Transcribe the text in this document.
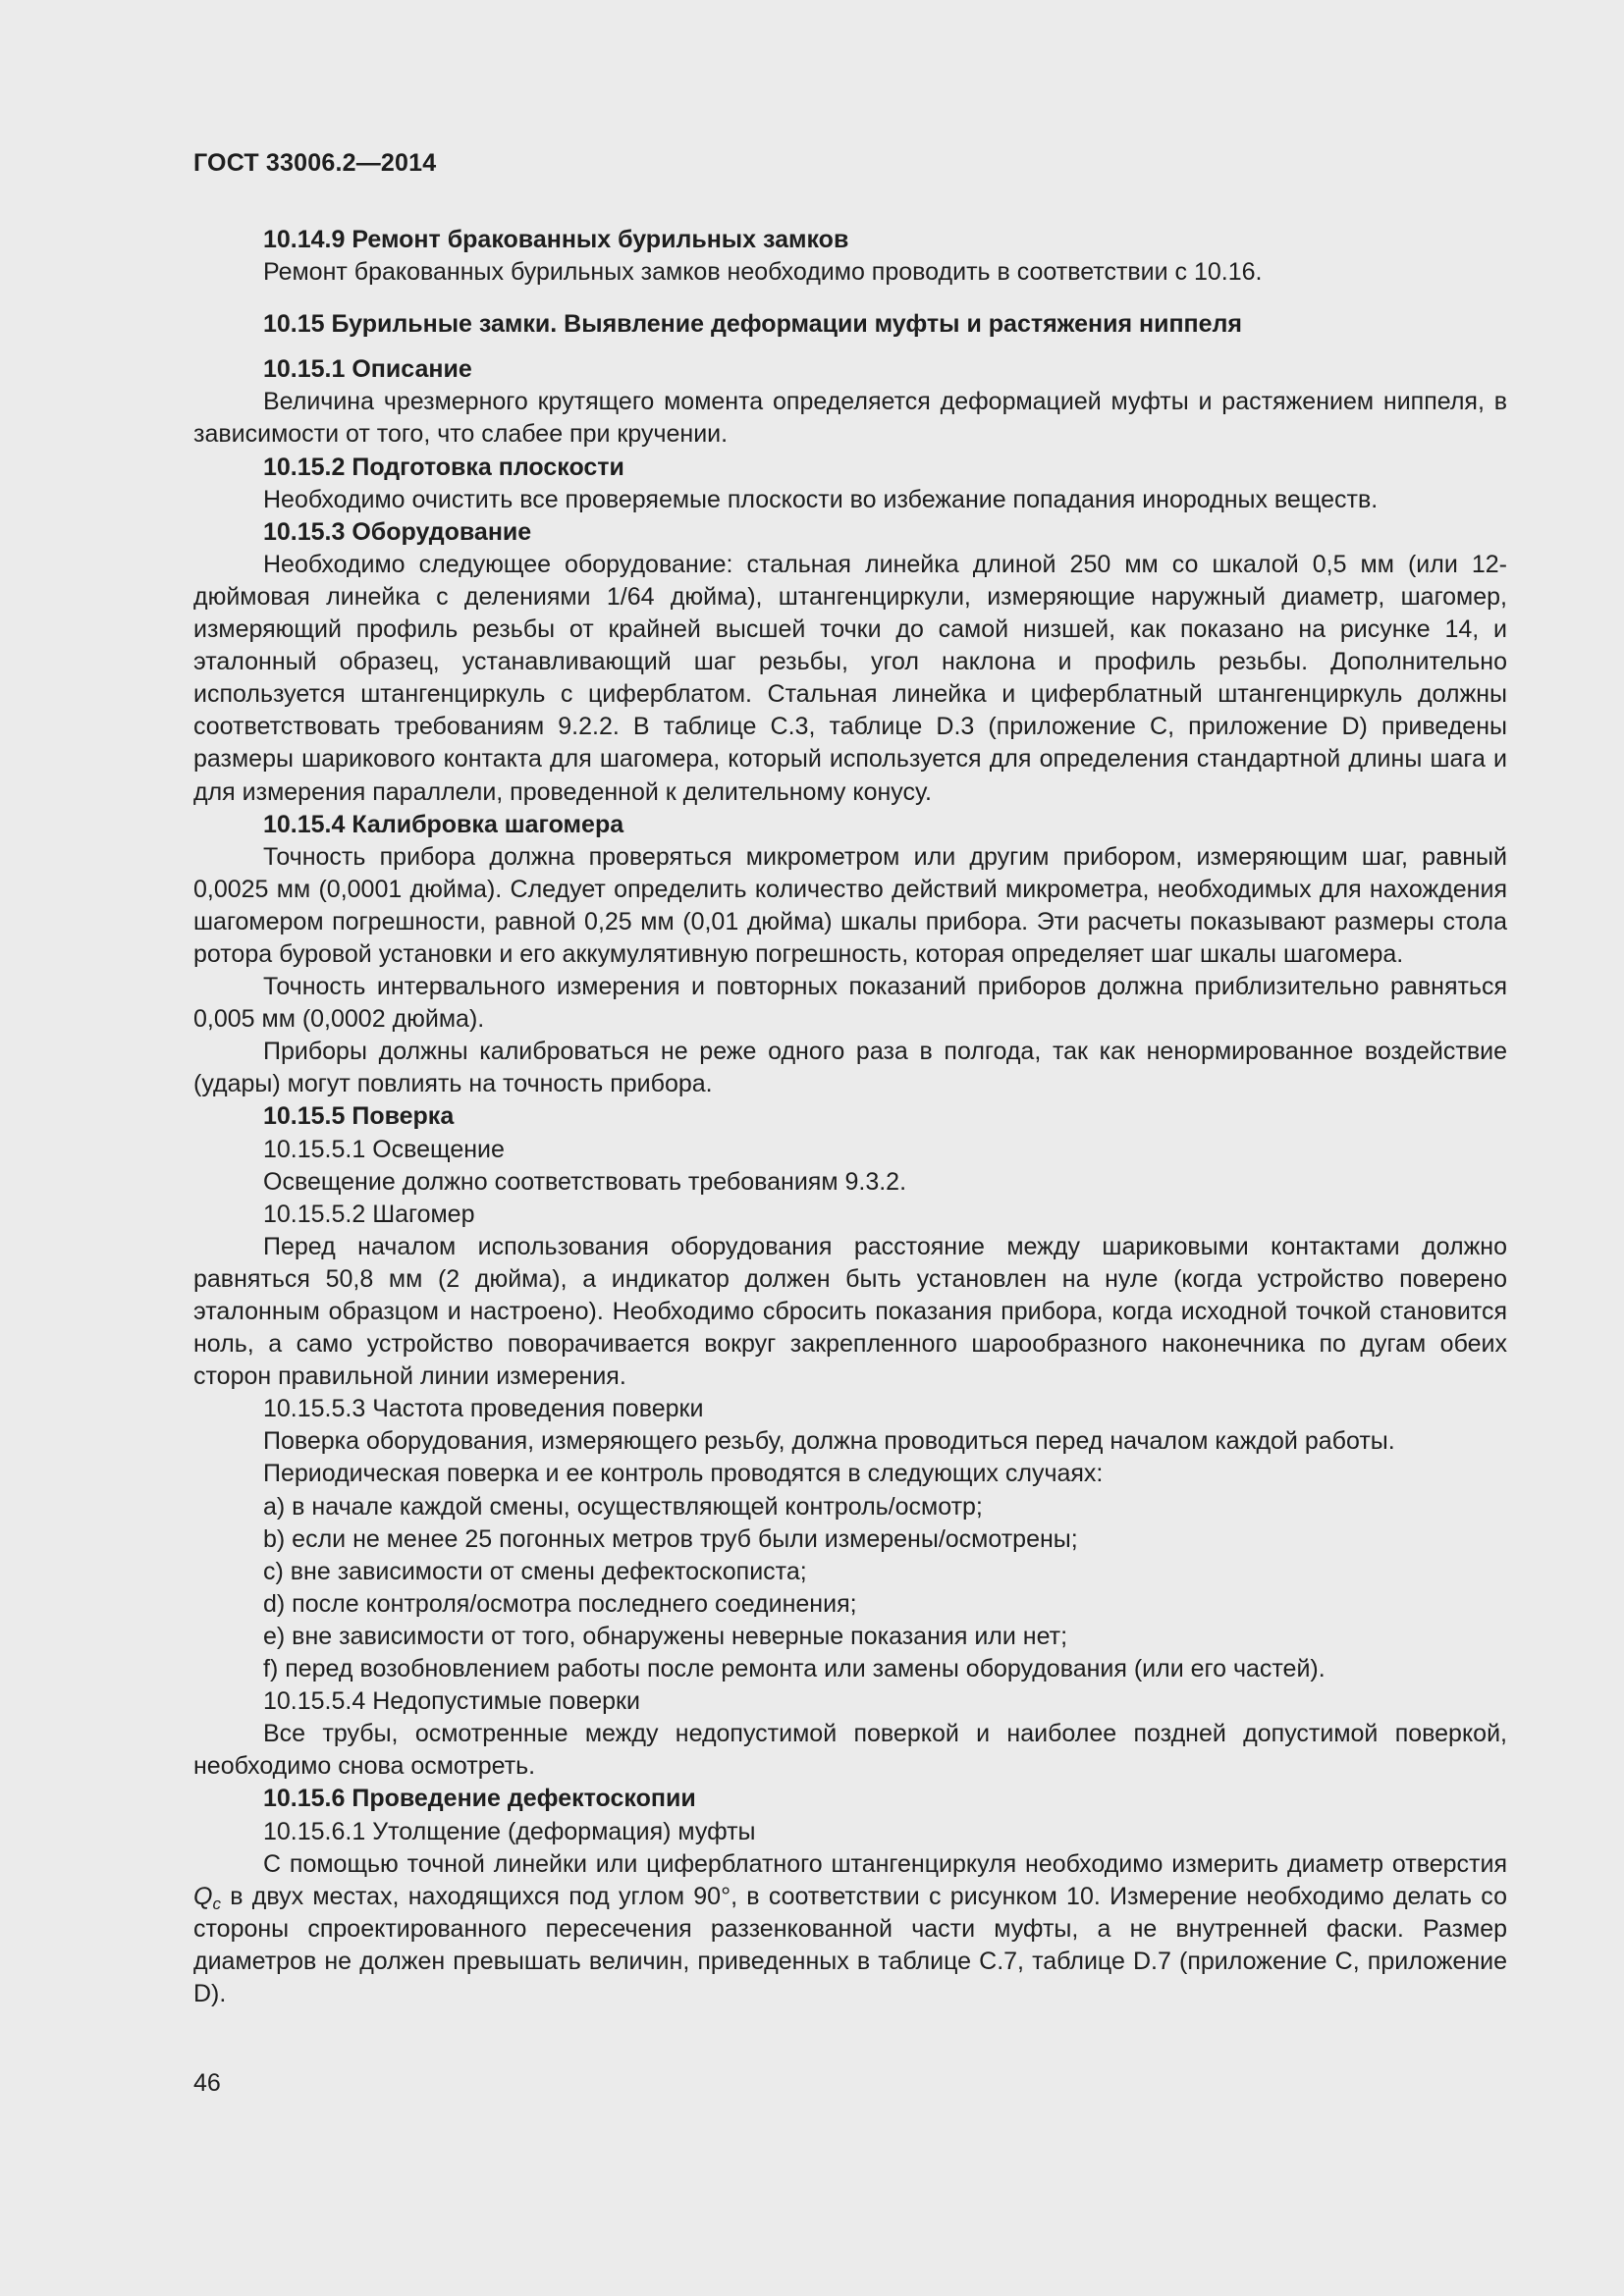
ГОСТ 33006.2—2014

10.14.9 Ремонт бракованных бурильных замков

Ремонт бракованных бурильных замков необходимо проводить в соответствии с 10.16.

10.15 Бурильные замки. Выявление деформации муфты и растяжения ниппеля

10.15.1 Описание

Величина чрезмерного крутящего момента определяется деформацией муфты и растяжением ниппеля, в зависимости от того, что слабее при кручении.

10.15.2 Подготовка плоскости

Необходимо очистить все проверяемые плоскости во избежание попадания инородных веществ.

10.15.3 Оборудование

Необходимо следующее оборудование: стальная линейка длиной 250 мм со шкалой 0,5 мм (или 12-дюймовая линейка с делениями 1/64 дюйма), штангенциркули, измеряющие наружный диаметр, шагомер, измеряющий профиль резьбы от крайней высшей точки до самой низшей, как показано на рисунке 14, и эталонный образец, устанавливающий шаг резьбы, угол наклона и профиль резьбы. Дополнительно используется штангенциркуль с циферблатом. Стальная линейка и циферблатный штангенциркуль должны соответствовать требованиям 9.2.2. В таблице С.3, таблице D.3 (приложение С, приложение D) приведены размеры шарикового контакта для шагомера, который используется для определения стандартной длины шага и для измерения параллели, проведенной к делительному конусу.

10.15.4 Калибровка шагомера

Точность прибора должна проверяться микрометром или другим прибором, измеряющим шаг, равный 0,0025 мм (0,0001 дюйма). Следует определить количество действий микрометра, необходимых для нахождения шагомером погрешности, равной 0,25 мм (0,01 дюйма) шкалы прибора. Эти расчеты показывают размеры стола ротора буровой установки и его аккумулятивную погрешность, которая определяет шаг шкалы шагомера.

Точность интервального измерения и повторных показаний приборов должна приблизительно равняться 0,005 мм (0,0002 дюйма).

Приборы должны калиброваться не реже одного раза в полгода, так как ненормированное воздействие (удары) могут повлиять на точность прибора.

10.15.5 Поверка

10.15.5.1 Освещение

Освещение должно соответствовать требованиям 9.3.2.

10.15.5.2 Шагомер

Перед началом использования оборудования расстояние между шариковыми контактами должно равняться 50,8 мм (2 дюйма), а индикатор должен быть установлен на нуле (когда устройство поверено эталонным образцом и настроено). Необходимо сбросить показания прибора, когда исходной точкой становится ноль, а само устройство поворачивается вокруг закрепленного шарообразного наконечника по дугам обеих сторон правильной линии измерения.

10.15.5.3 Частота проведения поверки

Поверка оборудования, измеряющего резьбу, должна проводиться перед началом каждой работы.

Периодическая поверка и ее контроль проводятся в следующих случаях:

a) в начале каждой смены, осуществляющей контроль/осмотр;

b) если не менее 25 погонных метров труб были измерены/осмотрены;

c) вне зависимости от смены дефектоскописта;

d) после контроля/осмотра последнего соединения;

e) вне зависимости от того, обнаружены неверные показания или нет;

f) перед возобновлением работы после ремонта или замены оборудования (или его частей).

10.15.5.4 Недопустимые поверки

Все трубы, осмотренные между недопустимой поверкой и наиболее поздней допустимой поверкой, необходимо снова осмотреть.

10.15.6 Проведение дефектоскопии

10.15.6.1 Утолщение (деформация) муфты

С помощью точной линейки или циферблатного штангенциркуля необходимо измерить диаметр отверстия $Q_c$ в двух местах, находящихся под углом 90°, в соответствии с рисунком 10. Измерение необходимо делать со стороны спроектированного пересечения раззенкованной части муфты, а не внутренней фаски. Размер диаметров не должен превышать величин, приведенных в таблице С.7, таблице D.7 (приложение С, приложение D).

46
